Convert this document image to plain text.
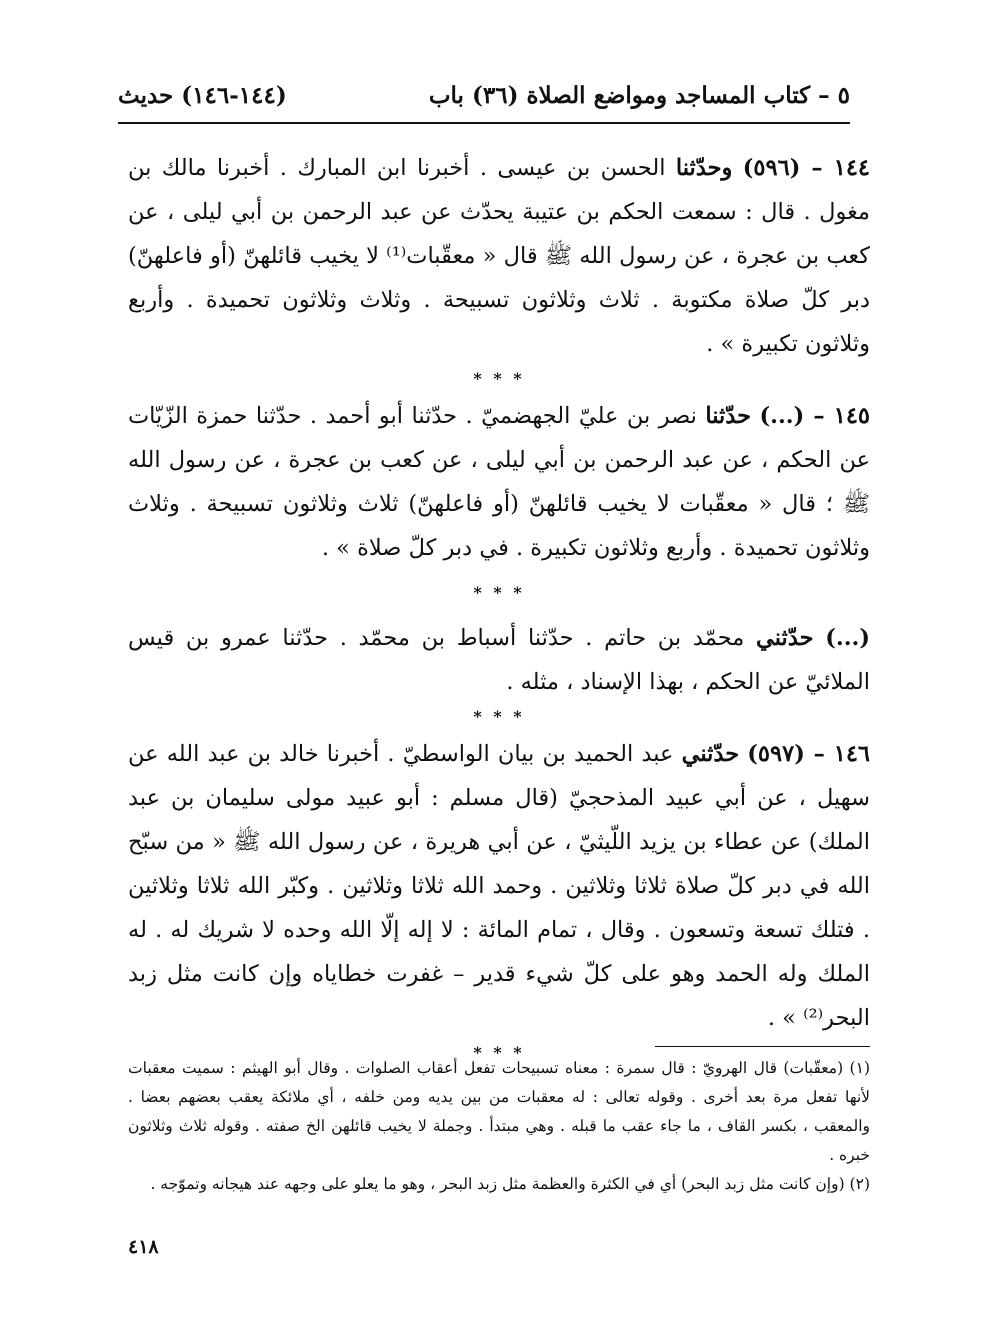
٥ – كتاب المساجد ومواضع الصلاة (٣٦) باب
(١٤٤-١٤٦) حديث

١٤٤ – (٥٩٦) وحدّثنا الحسن بن عيسى . أخبرنا ابن المبارك . أخبرنا مالك بن مغول . قال : سمعت الحكم بن عتيبة يحدّث عن عبد الرحمن بن أبي ليلى ، عن كعب بن عجرة ، عن رسول الله ﷺ قال « معقّبات⁽¹⁾ لا يخيب قائلهنّ (أو فاعلهنّ) دبر كلّ صلاة مكتوبة . ثلاث وثلاثون تسبيحة . وثلاث وثلاثون تحميدة . وأربع وثلاثون تكبيرة » .

* * *

١٤٥ – (...) حدّثنا نصر بن عليّ الجهضميّ . حدّثنا أبو أحمد . حدّثنا حمزة الزّيّات عن الحكم ، عن عبد الرحمن بن أبي ليلى ، عن كعب بن عجرة ، عن رسول الله ﷺ ؛ قال « معقّبات لا يخيب قائلهنّ (أو فاعلهنّ) ثلاث وثلاثون تسبيحة . وثلاث وثلاثون تحميدة . وأربع وثلاثون تكبيرة . في دبر كلّ صلاة » .

* * *

(...) حدّثني محمّد بن حاتم . حدّثنا أسباط بن محمّد . حدّثنا عمرو بن قيس الملائيّ عن الحكم ، بهذا الإسناد ، مثله .

* * *

١٤٦ – (٥٩٧) حدّثني عبد الحميد بن بيان الواسطيّ . أخبرنا خالد بن عبد الله عن سهيل ، عن أبي عبيد المذحجيّ (قال مسلم : أبو عبيد مولى سليمان بن عبد الملك) عن عطاء بن يزيد اللّيثيّ ، عن أبي هريرة ، عن رسول الله ﷺ « من سبّح الله في دبر كلّ صلاة ثلاثا وثلاثين . وحمد الله ثلاثا وثلاثين . وكبّر الله ثلاثا وثلاثين . فتلك تسعة وتسعون . وقال ، تمام المائة : لا إله إلّا الله وحده لا شريك له . له الملك وله الحمد وهو على كلّ شيء قدير – غفرت خطاياه وإن كانت مثل زبد البحر⁽²⁾ » .

* * *

(١) (معقّبات) قال الهرويّ : قال سمرة : معناه تسبيحات تفعل أعقاب الصلوات . وقال أبو الهيثم : سميت معقبات لأنها تفعل مرة بعد أخرى . وقوله تعالى : له معقبات من بين يديه ومن خلفه ، أي ملائكة يعقب بعضهم بعضا . والمعقب ، بكسر القاف ، ما جاء عقب ما قبله . وهي مبتدأ . وجملة لا يخيب قائلهن الخ صفته . وقوله ثلاث وثلاثون خبره .

(٢) (وإن كانت مثل زبد البحر) أي في الكثرة والعظمة مثل زبد البحر ، وهو ما يعلو على وجهه عند هيجانه وتموّجه .

٤١٨
